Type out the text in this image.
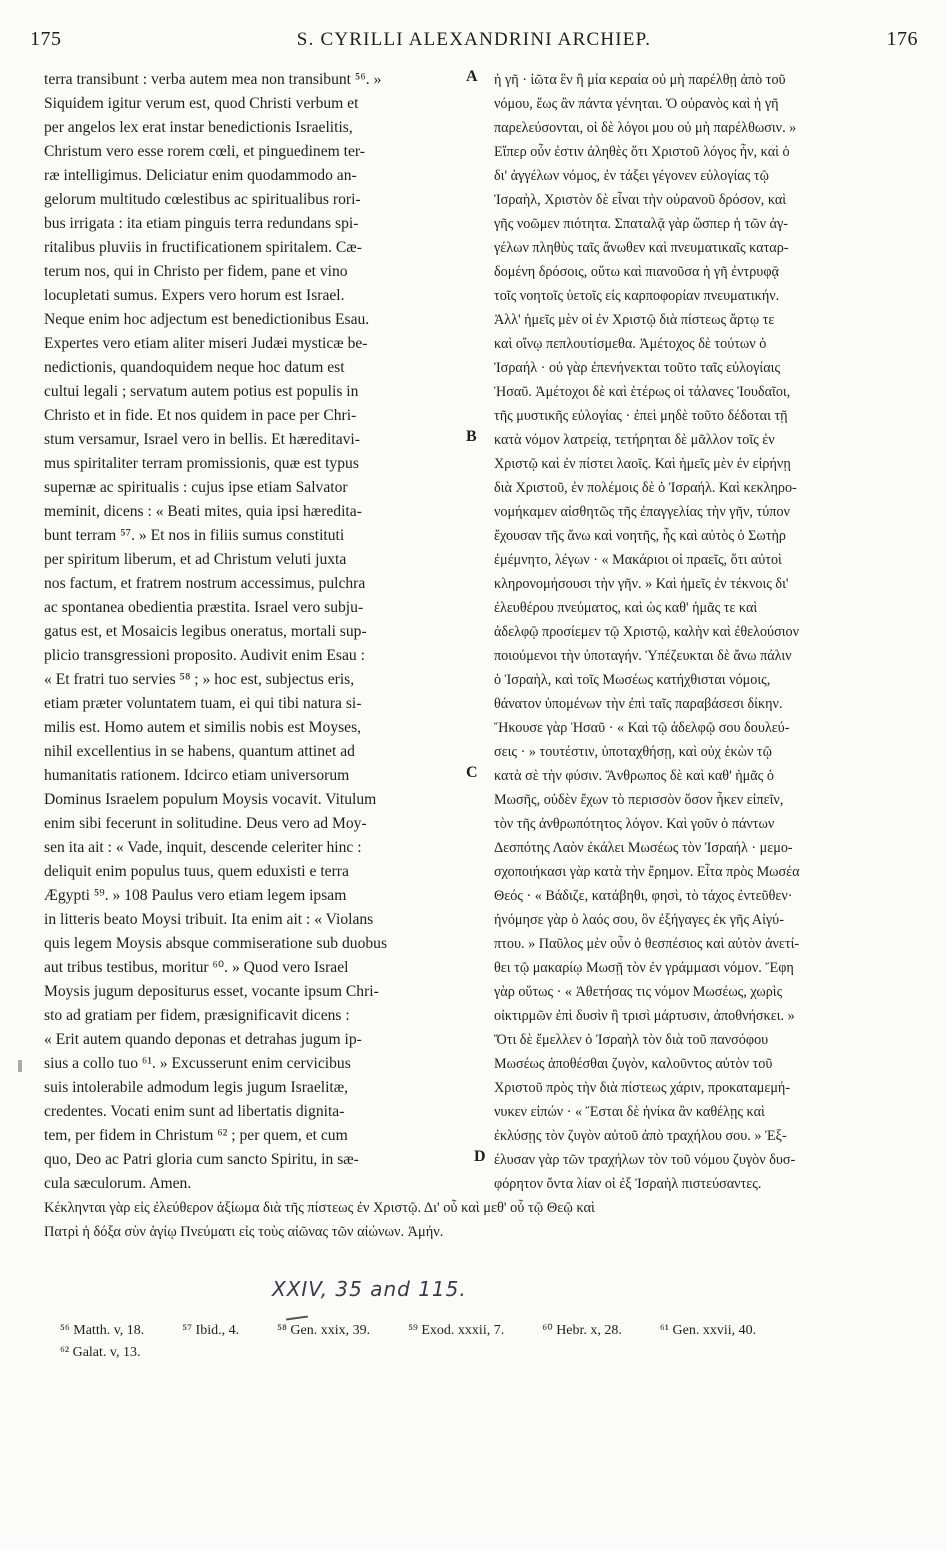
175	S. CYRILLI ALEXANDRINI ARCHIEP.	176
terra transibunt : verba autem mea non transibunt ⁵⁶. »
Siquidem igitur verum est, quod Christi verbum et
per angelos lex erat instar benedictionis Israelitis,
Christum vero esse rorem cœli, et pinguedinem ter-
ræ intelligimus. Deliciatur enim quodammodo an-
gelorum multitudo cœlestibus ac spiritualibus rori-
bus irrigata : ita etiam pinguis terra redundans spi-
ritalibus pluviis in fructificationem spiritalem. Cæ-
terum nos, qui in Christo per fidem, pane et vino
locupletati sumus. Expers vero horum est Israel.
Neque enim hoc adjectum est benedictionibus Esau.
Expertes vero etiam aliter miseri Judæi mysticæ be-
nedictionis, quandoquidem neque hoc datum est
cultui legali ; servatum autem potius est populis in
Christo et in fide. Et nos quidem in pace per Chri-
stum versamur, Israel vero in bellis. Et hæreditavi-
mus spiritaliter terram promissionis, quæ est typus
supernæ ac spiritualis : cujus ipse etiam Salvator
meminit, dicens : « Beati mites, quia ipsi hæredita-
bunt terram ⁵⁷. » Et nos in filiis sumus constituti
per spiritum liberum, et ad Christum veluti juxta
nos factum, et fratrem nostrum accessimus, pulchra
ac spontanea obedientia præstita. Israel vero subju-
gatus est, et Mosaicis legibus oneratus, mortali sup-
plicio transgressioni proposito. Audivit enim Esau :
« Et fratri tuo servies ⁵⁸ ; » hoc est, subjectus eris,
etiam præter voluntatem tuam, ei qui tibi natura si-
milis est. Homo autem et similis nobis est Moyses,
nihil excellentius in se habens, quantum attinet ad
humanitatis rationem. Idcirco etiam universorum
Dominus Israelem populum Moysis vocavit. Vitulum
enim sibi fecerunt in solitudine. Deus vero ad Moy-
sen ita ait : « Vade, inquit, descende celeriter hinc :
deliquit enim populus tuus, quem eduxisti e terra
Ægypti ⁵⁹. » 108 Paulus vero etiam legem ipsam
in litteris beato Moysi tribuit. Ita enim ait : « Violans
quis legem Moysis absque commiseratione sub duobus
aut tribus testibus, moritur ⁶⁰. » Quod vero Israel
Moysis jugum depositurus esset, vocante ipsum Chri-
sto ad gratiam per fidem, præsignificavit dicens :
« Erit autem quando deponas et detrahas jugum ip-
sius a collo tuo ⁶¹. » Excusserunt enim cervicibus
suis intolerabile admodum legis jugum Israelitæ,
credentes. Vocati enim sunt ad libertatis dignita-
tem, per fidem in Christum ⁶² ; per quem, et cum
quo, Deo ac Patri gloria cum sancto Spiritu, in sæ-
cula sæculorum. Amen.
ἡ γῆ · ἰῶτα ἓν ἢ μία κεραία οὐ μὴ παρέλθῃ ἀπὸ τοῦ
νόμου, ἕως ἂν πάντα γένηται. Ὁ οὐρανὸς καὶ ἡ γῆ
παρελεύσονται, οἱ δὲ λόγοι μου οὐ μὴ παρέλθωσιν. »
Εἴπερ οὖν ἐστιν ἀληθὲς ὅτι Χριστοῦ λόγος ἦν, καὶ ὁ
δι' ἀγγέλων νόμος, ἐν τάξει γέγονεν εὐλογίας τῷ
Ἰσραὴλ, Χριστὸν δὲ εἶναι τὴν οὐρανοῦ δρόσον, καὶ
γῆς νοῶμεν πιότητα. Σπαταλᾷ γὰρ ὥσπερ ἡ τῶν ἀγ-
γέλων πληθὺς ταῖς ἄνωθεν καὶ πνευματικαῖς καταρ-
δομένη δρόσοις, οὕτω καὶ πιανοῦσα ἡ γῆ ἐντρυφᾷ
τοῖς νοητοῖς ὑετοῖς εἰς καρποφορίαν πνευματικήν.
Ἀλλ' ἡμεῖς μὲν οἱ ἐν Χριστῷ διὰ πίστεως ἄρτῳ τε
καὶ οἴνῳ πεπλουτίσμεθα. Ἀμέτοχος δὲ τούτων ὁ
Ἰσραήλ · οὐ γὰρ ἐπενήνεκται τοῦτο ταῖς εὐλογίαις
Ἡσαῦ. Ἀμέτοχοι δὲ καὶ ἑτέρως οἱ τάλανες Ἰουδαῖοι,
τῆς μυστικῆς εὐλογίας · ἐπεὶ μηδὲ τοῦτο δέδοται τῇ
κατὰ νόμον λατρείᾳ, τετήρηται δὲ μᾶλλον τοῖς ἐν
Χριστῷ καὶ ἐν πίστει λαοῖς. Καὶ ἡμεῖς μὲν ἐν εἰρήνῃ
διὰ Χριστοῦ, ἐν πολέμοις δὲ ὁ Ἰσραήλ. Καὶ κεκληρο-
νομήκαμεν αἰσθητῶς τῆς ἐπαγγελίας τὴν γῆν, τύπον
ἔχουσαν τῆς ἄνω καὶ νοητῆς, ἧς καὶ αὐτὸς ὁ Σωτὴρ
ἐμέμνητο, λέγων · « Μακάριοι οἱ πραεῖς, ὅτι αὐτοὶ
κληρονομήσουσι τὴν γῆν. » Καὶ ἡμεῖς ἐν τέκνοις δι'
ἐλευθέρου πνεύματος, καὶ ὡς καθ' ἡμᾶς τε καὶ
ἀδελφῷ προσίεμεν τῷ Χριστῷ, καλὴν καὶ ἐθελούσιον
ποιούμενοι τὴν ὑποταγήν. Ὑπέζευκται δὲ ἄνω πάλιν
ὁ Ἰσραὴλ, καὶ τοῖς Μωσέως κατήχθισται νόμοις,
θάνατον ὑπομένων τὴν ἐπὶ ταῖς παραβάσεσι δίκην.
Ἤκουσε γὰρ Ἡσαῦ · « Καὶ τῷ ἀδελφῷ σου δουλεύ-
σεις · » τουτέστιν, ὑποταχθήσῃ, καὶ οὐχ ἑκὼν τῷ
κατὰ σὲ τὴν φύσιν. Ἄνθρωπος δὲ καὶ καθ' ἡμᾶς ὁ
Μωσῆς, οὐδὲν ἔχων τὸ περισσὸν ὅσον ἧκεν εἰπεῖν,
τὸν τῆς ἀνθρωπότητος λόγον. Καὶ γοῦν ὁ πάντων
Δεσπότης Λαὸν ἐκάλει Μωσέως τὸν Ἰσραήλ · μεμο-
σχοποιήκασι γὰρ κατὰ τὴν ἔρημον. Εἶτα πρὸς Μωσέα
Θεός · « Βάδιζε, κατάβηθι, φησὶ, τὸ τάχος ἐντεῦθεν·
ἠνόμησε γὰρ ὁ λαός σου, ὃν ἐξήγαγες ἐκ γῆς Αἰγύ-
πτου. » Παῦλος μὲν οὖν ὁ θεσπέσιος καὶ αὐτὸν ἀνετί-
θει τῷ μακαρίῳ Μωσῇ τὸν ἐν γράμμασι νόμον. Ἔφη
γὰρ οὕτως · « Ἀθετήσας τις νόμον Μωσέως, χωρὶς
οἰκτιρμῶν ἐπὶ δυσὶν ἢ τρισὶ μάρτυσιν, ἀποθνήσκει. »
Ὅτι δὲ ἔμελλεν ὁ Ἰσραὴλ τὸν διὰ τοῦ πανσόφου
Μωσέως ἀποθέσθαι ζυγὸν, καλοῦντος αὐτὸν τοῦ
Χριστοῦ πρὸς τὴν διὰ πίστεως χάριν, προκαταμεμή-
νυκεν εἰπών · « Ἔσται δὲ ἡνίκα ἂν καθέλῃς καὶ
ἐκλύσῃς τὸν ζυγὸν αὐτοῦ ἀπὸ τραχήλου σου. » Ἐξ-
έλυσαν γὰρ τῶν τραχήλων τὸν τοῦ νόμου ζυγὸν δυσ-
φόρητον ὄντα λίαν οἱ ἐξ Ἰσραὴλ πιστεύσαντες.
A
B
C
D
Κέκληνται γὰρ εἰς ἐλεύθερον ἀξίωμα διὰ τῆς πίστεως ἐν Χριστῷ. Δι' οὗ καὶ μεθ' οὗ τῷ Θεῷ καὶ
Πατρὶ ἡ δόξα σὺν ἁγίῳ Πνεύματι εἰς τοὺς αἰῶνας τῶν αἰώνων. Ἀμήν.
XXIV, 35 and 115.
⁵⁶ Matth. v, 18.	⁵⁷ Ibid., 4.	⁵⁸ Gen. xxix, 39.	⁵⁹ Exod. xxxii, 7.	⁶⁰ Hebr. x, 28.	⁶¹ Gen. xxvii, 40.
⁶² Galat. v, 13.
